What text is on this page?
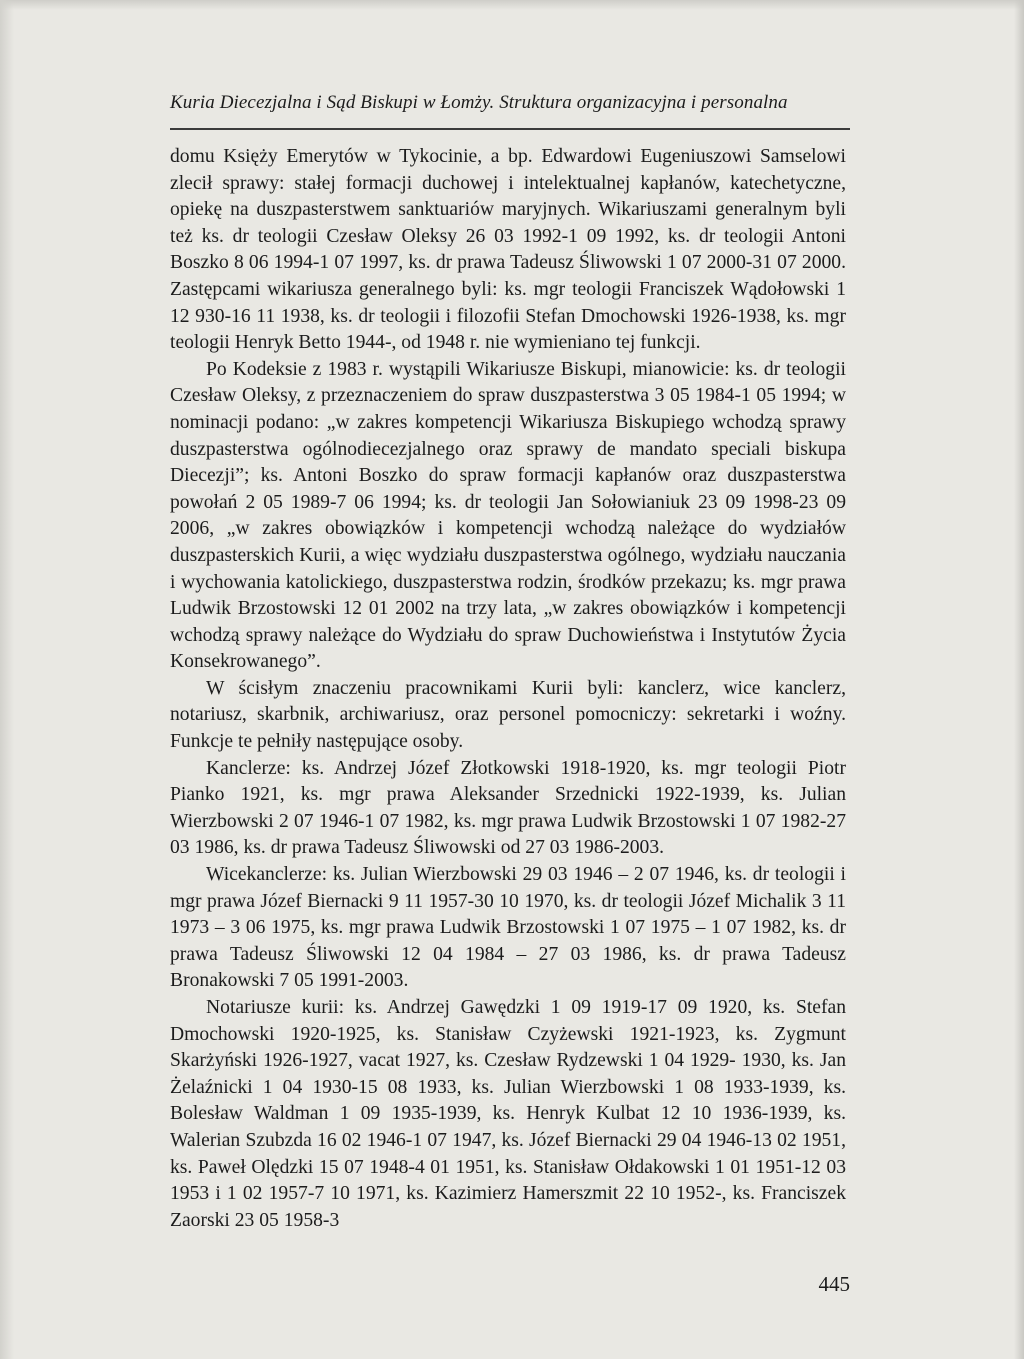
Kuria Diecezjalna i Sąd Biskupi w Łomży. Struktura organizacyjna i personalna

domu Księży Emerytów w Tykocinie, a bp. Edwardowi Eugeniuszowi Samselowi zlecił sprawy: stałej formacji duchowej i intelektualnej kapłanów, katechetyczne, opiekę na duszpasterstwem sanktuariów maryjnych. Wikariuszami generalnym byli też ks. dr teologii Czesław Oleksy 26 03 1992-1 09 1992, ks. dr teologii Antoni Boszko 8 06 1994-1 07 1997, ks. dr prawa Tadeusz Śliwowski 1 07 2000-31 07 2000. Zastępcami wikariusza generalnego byli: ks. mgr teologii Franciszek Wądołowski 1 12 930-16 11 1938, ks. dr teologii i filozofii Stefan Dmochowski 1926-1938, ks. mgr teologii Henryk Betto 1944-, od 1948 r. nie wymieniano tej funkcji.

Po Kodeksie z 1983 r. wystąpili Wikariusze Biskupi, mianowicie: ks. dr teologii Czesław Oleksy, z przeznaczeniem do spraw duszpasterstwa 3 05 1984-1 05 1994; w nominacji podano: „w zakres kompetencji Wikariusza Biskupiego wchodzą sprawy duszpasterstwa ogólnodiecezjalnego oraz sprawy de mandato speciali biskupa Diecezji”; ks. Antoni Boszko do spraw formacji kapłanów oraz duszpasterstwa powołań 2 05 1989-7 06 1994; ks. dr teologii Jan Sołowianiuk 23 09 1998-23 09 2006, „w zakres obowiązków i kompetencji wchodzą należące do wydziałów duszpasterskich Kurii, a więc wydziału duszpasterstwa ogólnego, wydziału nauczania i wychowania katolickiego, duszpasterstwa rodzin, środków przekazu; ks. mgr prawa Ludwik Brzostowski 12 01 2002 na trzy lata, „w zakres obowiązków i kompetencji wchodzą sprawy należące do Wydziału do spraw Duchowieństwa i Instytutów Życia Konsekrowanego”.

W ścisłym znaczeniu pracownikami Kurii byli: kanclerz, wice kanclerz, notariusz, skarbnik, archiwariusz, oraz personel pomocniczy: sekretarki i woźny. Funkcje te pełniły następujące osoby.

Kanclerze: ks. Andrzej Józef Złotkowski 1918-1920, ks. mgr teologii Piotr Pianko 1921, ks. mgr prawa Aleksander Srzednicki 1922-1939, ks. Julian Wierzbowski 2 07 1946-1 07 1982, ks. mgr prawa Ludwik Brzostowski 1 07 1982-27 03 1986, ks. dr prawa Tadeusz Śliwowski od 27 03 1986-2003.

Wicekanclerze: ks. Julian Wierzbowski 29 03 1946 – 2 07 1946, ks. dr teologii i mgr prawa Józef Biernacki 9 11 1957-30 10 1970, ks. dr teologii Józef Michalik 3 11 1973 – 3 06 1975, ks. mgr prawa Ludwik Brzostowski 1 07 1975 – 1 07 1982, ks. dr prawa Tadeusz Śliwowski 12 04 1984 – 27 03 1986, ks. dr prawa Tadeusz Bronakowski 7 05 1991-2003.

Notariusze kurii: ks. Andrzej Gawędzki 1 09 1919-17 09 1920, ks. Stefan Dmochowski 1920-1925, ks. Stanisław Czyżewski 1921-1923, ks. Zygmunt Skarżyński 1926-1927, vacat 1927, ks. Czesław Rydzewski 1 04 1929- 1930, ks. Jan Żelaźnicki 1 04 1930-15 08 1933, ks. Julian Wierzbowski 1 08 1933-1939, ks. Bolesław Waldman 1 09 1935-1939, ks. Henryk Kulbat 12 10 1936-1939, ks. Walerian Szubzda 16 02 1946-1 07 1947, ks. Józef Biernacki 29 04 1946-13 02 1951, ks. Paweł Olędzki 15 07 1948-4 01 1951, ks. Stanisław Ołdakowski 1 01 1951-12 03 1953 i 1 02 1957-7 10 1971, ks. Kazimierz Hamerszmit 22 10 1952-, ks. Franciszek Zaorski 23 05 1958-3

445
